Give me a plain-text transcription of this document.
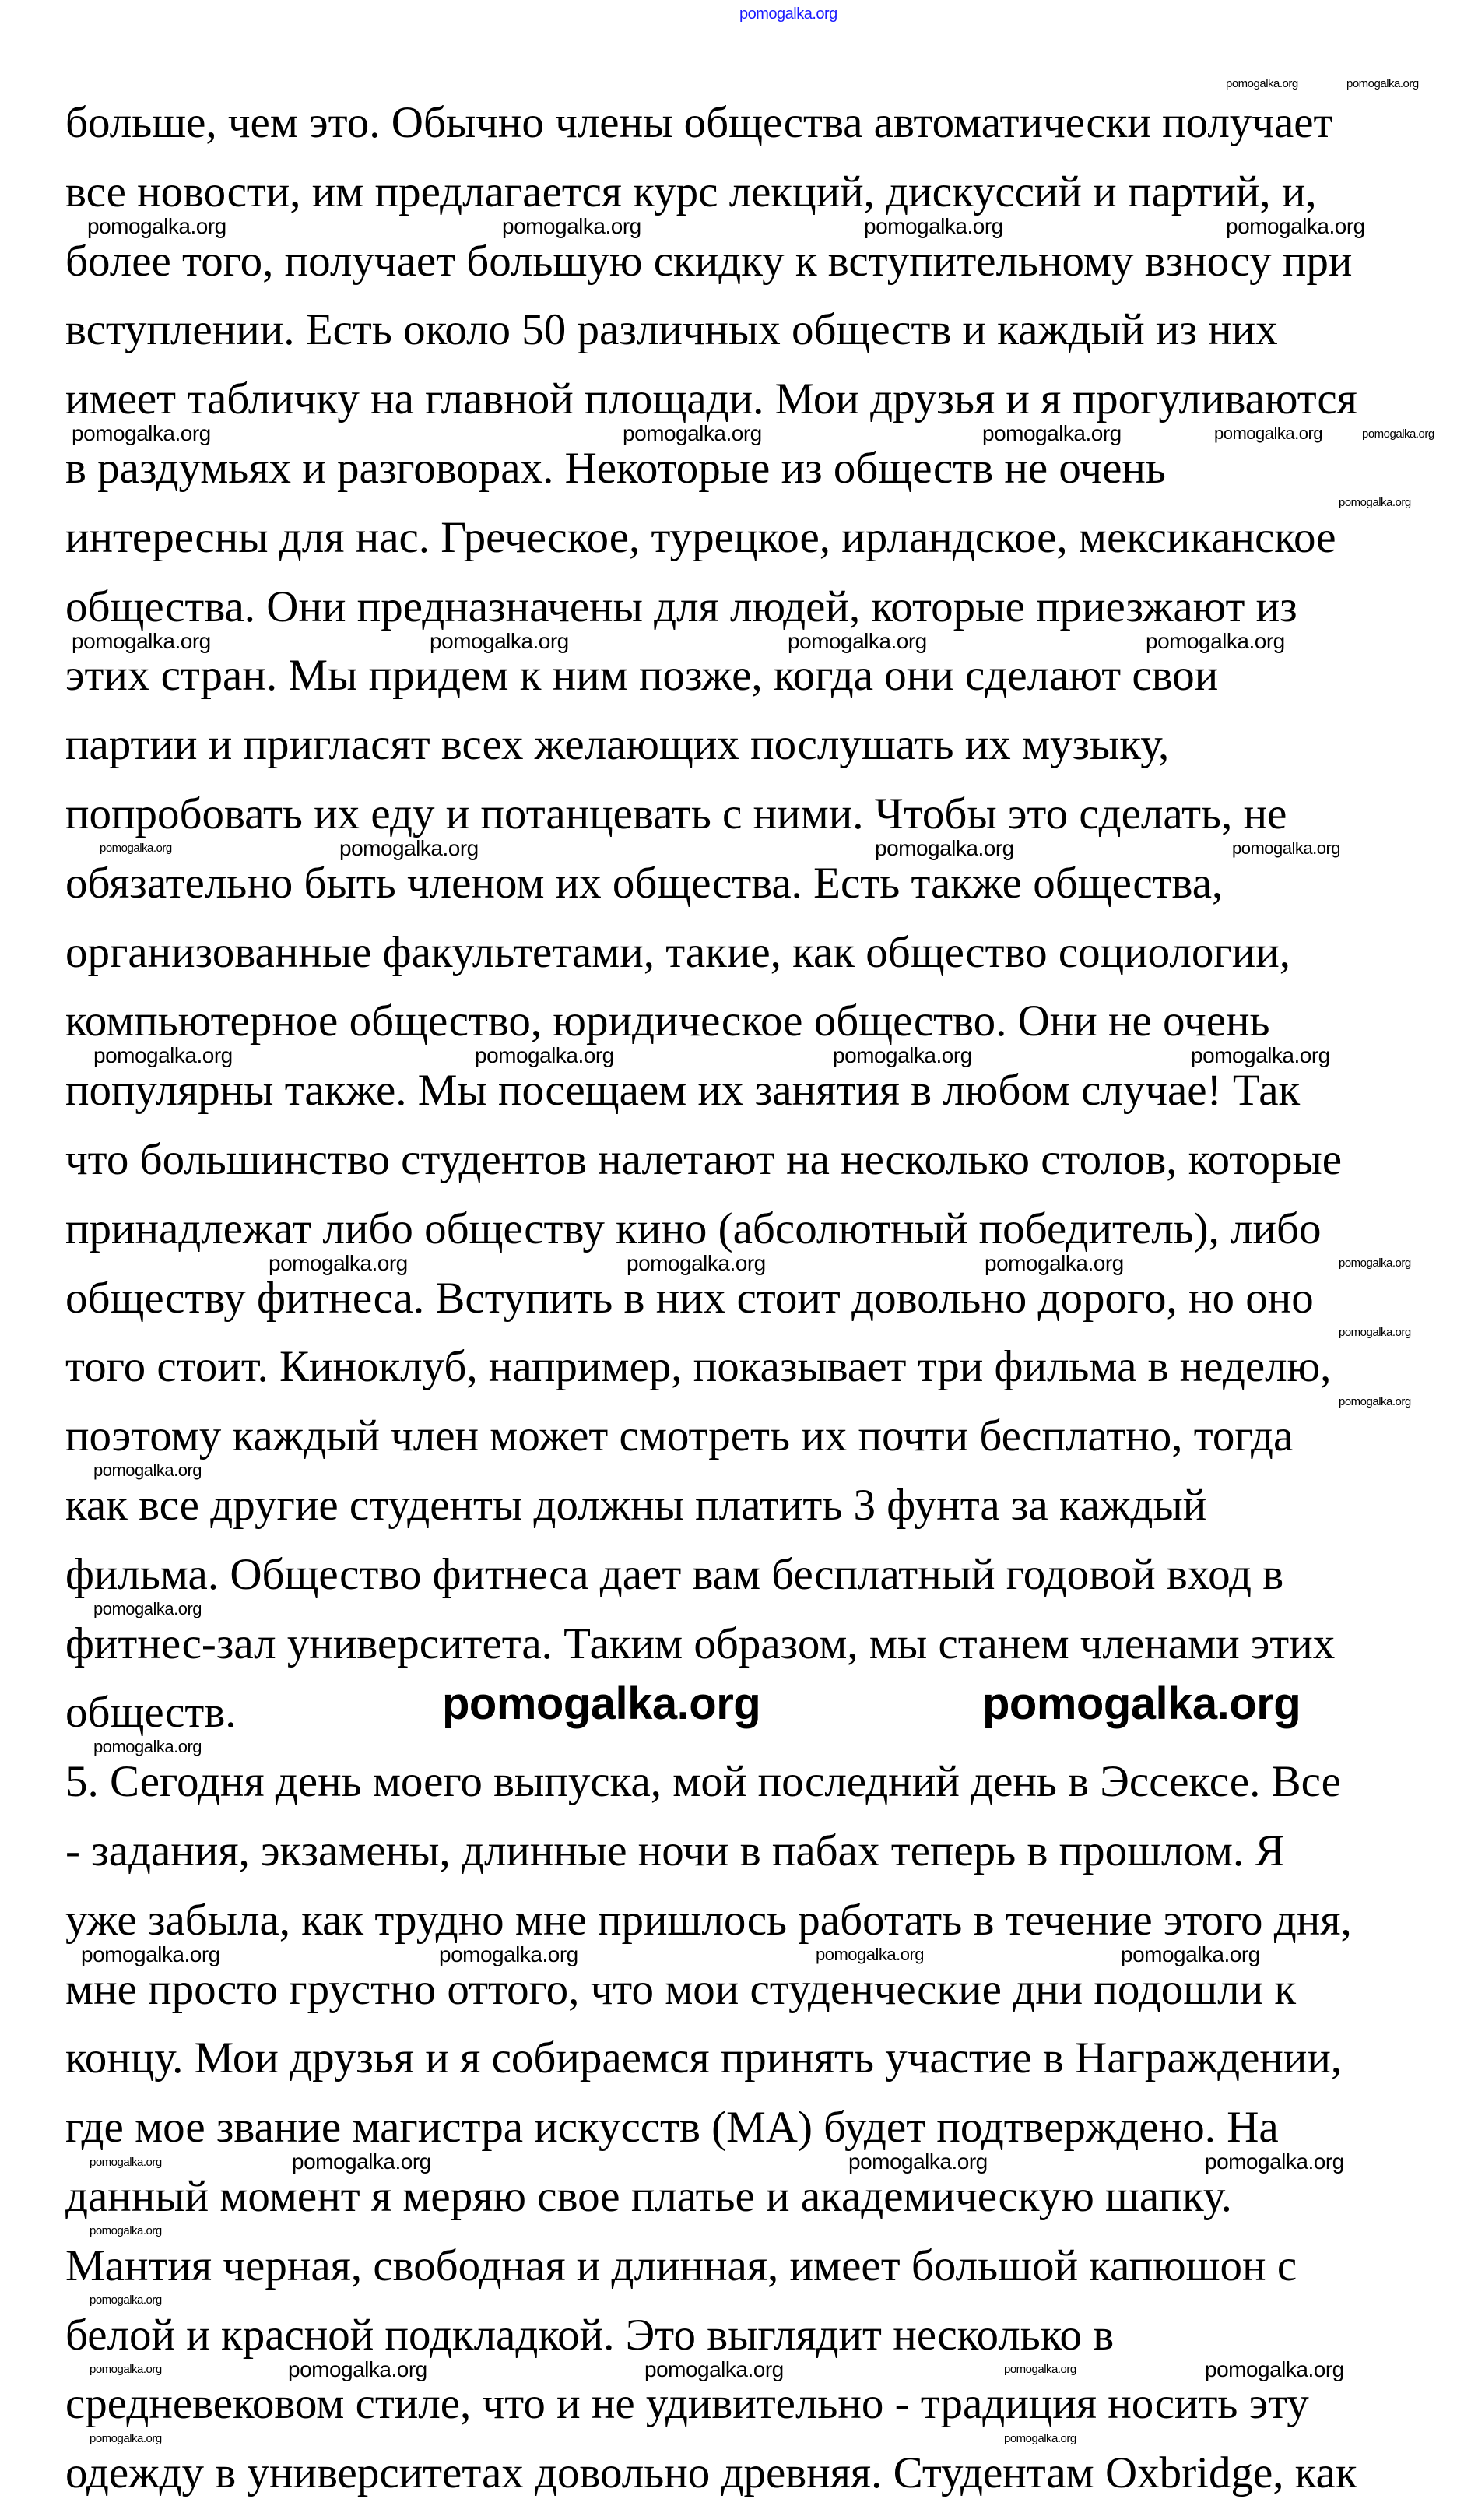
больше, чем это. Обычно члены общества автоматически получает
все новости, им предлагается курс лекций, дискуссий и партий, и,
более того, получает большую скидку к вступительному взносу при
вступлении. Есть около 50 различных обществ и каждый из них
имеет табличку на главной площади. Мои друзья и я прогуливаются
в раздумьях и разговорах. Некоторые из обществ не очень
интересны для нас. Греческое, турецкое, ирландское, мексиканское
общества. Они предназначены для людей, которые приезжают из
этих стран. Мы придем к ним позже, когда они сделают свои
партии и пригласят всех желающих послушать их музыку,
попробовать их еду и потанцевать с ними. Чтобы это сделать, не
обязательно быть членом их общества. Есть также общества,
организованные факультетами, такие, как общество социологии,
компьютерное общество, юридическое общество. Они не очень
популярны также. Мы посещаем их занятия в любом случае! Так
что большинство студентов налетают на несколько столов, которые
принадлежат либо обществу кино (абсолютный победитель), либо
обществу фитнеса. Вступить в них стоит довольно дорого, но оно
того стоит. Киноклуб, например, показывает три фильма в неделю,
поэтому каждый член может смотреть их почти бесплатно, тогда
как все другие студенты должны платить 3 фунта за каждый
фильма. Общество фитнеса дает вам бесплатный годовой вход в
фитнес-зал университета. Таким образом, мы станем членами этих
обществ.
5. Сегодня день моего выпуска, мой последний день в Эссексе. Все
- задания, экзамены, длинные ночи в пабах теперь в прошлом. Я
уже забыла, как трудно мне пришлось работать в течение этого дня,
мне просто грустно оттого, что мои студенческие дни подошли к
концу. Мои друзья и я собираемся принять участие в Награждении,
где мое звание магистра искусств (МА) будет подтверждено. На
данный момент я меряю свое платье и академическую шапку.
Мантия черная, свободная и длинная, имеет большой капюшон с
белой и красной подкладкой. Это выглядит несколько в
средневековом стиле, что и не удивительно - традиция носить эту
одежду в университетах довольно древняя. Студентам Oxbridge, как
pomogalka.org
pomogalka.org	pomogalka.org
pomogalka.org	pomogalka.org
pomogalka.org	pomogalka.org	pomogalka.org	pomogalka.org
pomogalka.org	pomogalka.org	pomogalka.org	pomogalka.org	pomogalka.org
pomogalka.org
pomogalka.org	pomogalka.org	pomogalka.org	pomogalka.org
pomogalka.org	pomogalka.org	pomogalka.org	pomogalka.org
pomogalka.org	pomogalka.org	pomogalka.org	pomogalka.org
pomogalka.org	pomogalka.org	pomogalka.org	pomogalka.org
pomogalka.org
pomogalka.org
pomogalka.org
pomogalka.org
pomogalka.org
pomogalka.org	pomogalka.org	pomogalka.org	pomogalka.org
pomogalka.org	pomogalka.org	pomogalka.org	pomogalka.org
pomogalka.org
pomogalka.org
pomogalka.org	pomogalka.org	pomogalka.org	pomogalka.org	pomogalka.org
pomogalka.org	pomogalka.org
